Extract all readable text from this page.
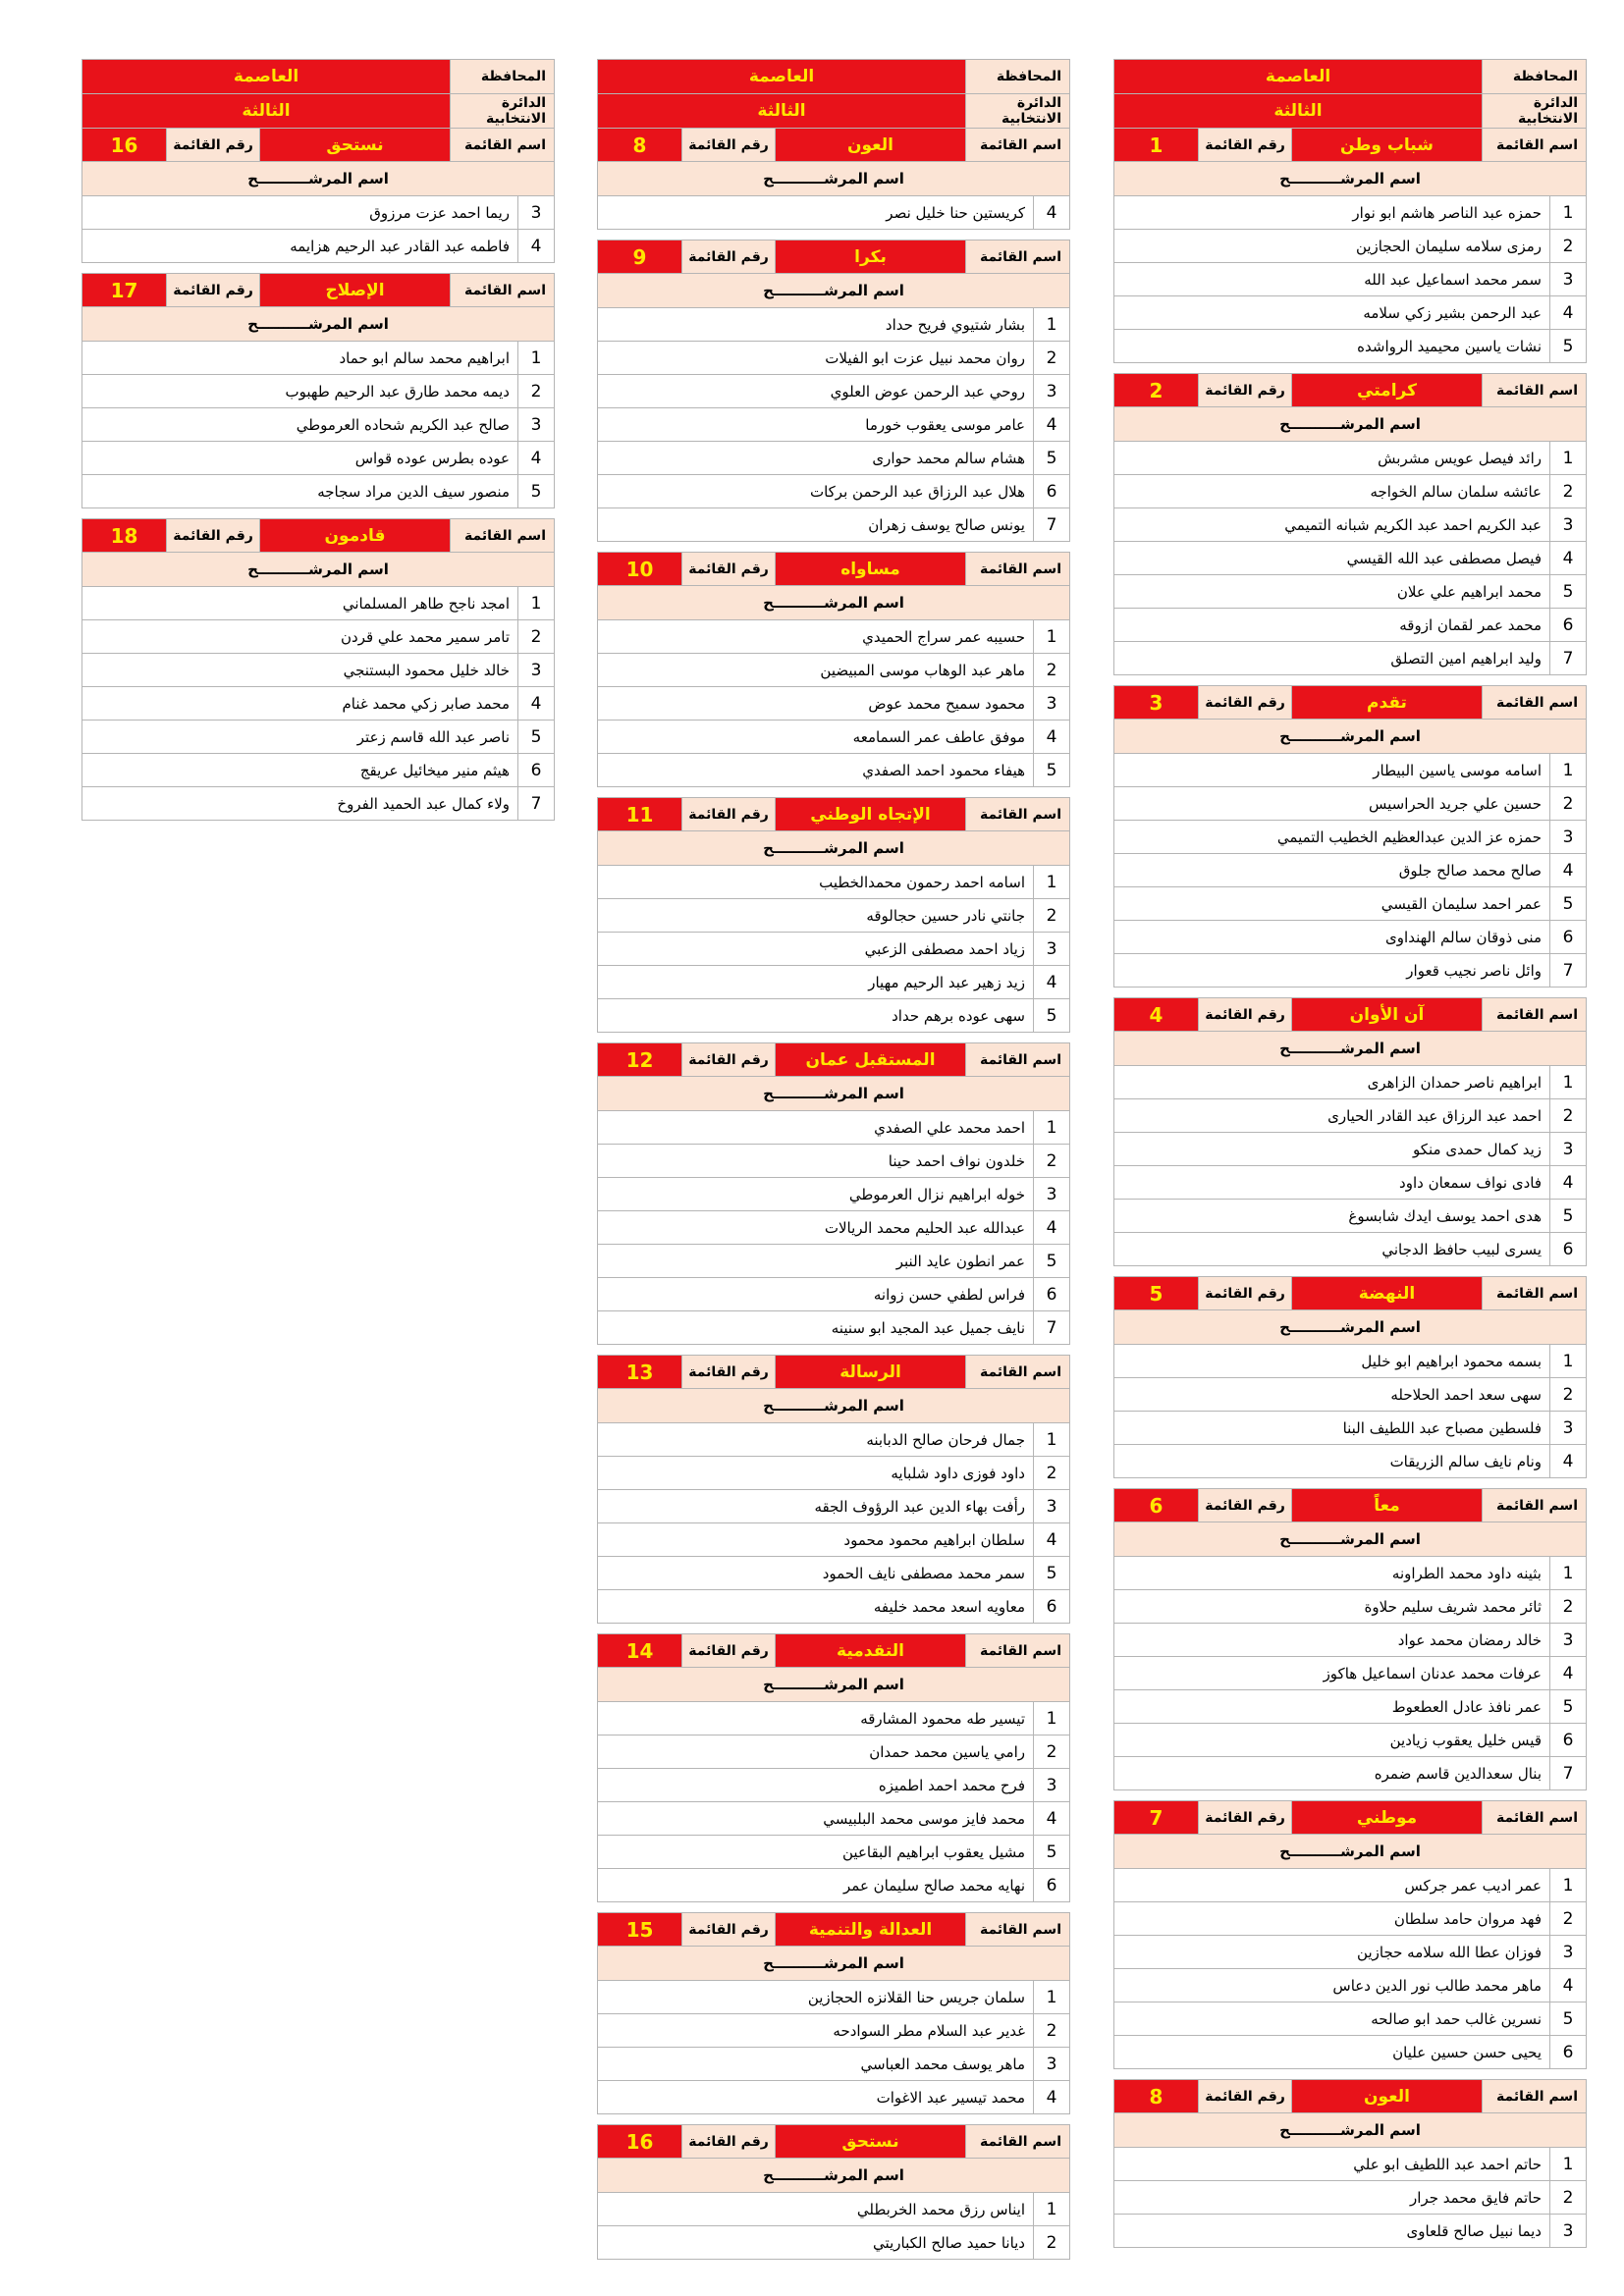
المحافظة
العاصمة
الدائرة الانتخابية
الثالثة
اسم القائمة
شباب وطن
رقم القائمة
1
اسم المرشــــــــــح
1
حمزه عبد الناصر هاشم ابو نوار
2
رمزى سلامه سليمان الحجازين
3
سمر محمد اسماعيل عبد الله
4
عبد الرحمن بشير زكي سلامه
5
نشات ياسين محيميد الرواشده
اسم القائمة
كرامتي
رقم القائمة
2
اسم المرشــــــــــح
1
رائد فيصل عويس مشربش
2
عائشه سلمان سالم الخواجه
3
عبد الكريم احمد عبد الكريم شبانه التميمي
4
فيصل مصطفى عبد الله القيسي
5
محمد ابراهيم علي علان
6
محمد عمر لقمان ازوقه
7
وليد ابراهيم امين التصلق
اسم القائمة
تقدم
رقم القائمة
3
اسم المرشــــــــــح
1
اسامه موسى ياسين البيطار
2
حسين علي جريد الحراسيس
3
حمزه عز الدين عبدالعظيم الخطيب التميمي
4
صالح محمد صالح جلوق
5
عمر احمد سليمان القيسي
6
منى ذوقان سالم الهنداوى
7
وائل ناصر نجيب قعوار
اسم القائمة
آن الأوان
رقم القائمة
4
اسم المرشــــــــــح
1
ابراهيم ناصر حمدان الزاهرى
2
احمد عبد الرزاق عبد القادر الحيارى
3
زيد كمال حمدى منكو
4
فادى نواف سمعان داود
5
هدى احمد يوسف ايدك شابسوغ
6
يسرى لبيب حافظ الدجاني
اسم القائمة
النهضة
رقم القائمة
5
اسم المرشــــــــــح
1
بسمه محمود ابراهيم ابو خليل
2
سهى سعد احمد الحلاحله
3
فلسطين مصباح عبد اللطيف البنا
4
ونام نايف سالم الزريقات
اسم القائمة
معاً
رقم القائمة
6
اسم المرشــــــــــح
1
بثينه داود محمد الطراونه
2
ثائر محمد شريف سليم حلاوة
3
خالد رمضان محمد عواد
4
عرفات محمد عدنان اسماعيل هاكوز
5
عمر نافذ عادل العطعوط
6
قيس خليل يعقوب زيادين
7
بنال سعدالدين قاسم ضمره
اسم القائمة
موطني
رقم القائمة
7
اسم المرشــــــــــح
1
عمر اديب عمر جركس
2
فهد مروان حامد سلطان
3
فوزان عطا الله سلامه حجازين
4
ماهر محمد طالب نور الدين دعاس
5
نسرين غالب حمد ابو صالحه
6
يحيى حسن حسين عليان
اسم القائمة
العون
رقم القائمة
8
اسم المرشــــــــــح
1
حاتم احمد عبد اللطيف ابو علي
2
حاتم فايق محمد جرار
3
ديما نبيل صالح قلعاوى
المحافظة
العاصمة
الدائرة الانتخابية
الثالثة
اسم القائمة
العون
رقم القائمة
8
اسم المرشــــــــــح
4
كريستين حنا خليل نصر
اسم القائمة
بكرا
رقم القائمة
9
اسم المرشــــــــــح
1
بشار شتيوي فريح حداد
2
روان محمد نبيل عزت ابو الفيلات
3
روحي عبد الرحمن عوض العلوي
4
عامر موسى يعقوب خورما
5
هشام سالم محمد حوارى
6
هلال عبد الرزاق عبد الرحمن بركات
7
يونس صالح يوسف زهران
اسم القائمة
مساواه
رقم القائمة
10
اسم المرشــــــــــح
1
حسيبه عمر سراج الحميدي
2
ماهر عبد الوهاب موسى المبيضين
3
محمود سميح محمد عوض
4
موفق عاطف عمر السمامعه
5
هيفاء محمود احمد الصفدي
اسم القائمة
الإتجاه الوطني
رقم القائمة
11
اسم المرشــــــــــح
1
اسامه احمد رحمون محمدالخطيب
2
جانتي نادر حسين حجالوقه
3
زياد احمد مصطفى الزعبي
4
زيد زهير عبد الرحيم مهيار
5
سهى عوده برهم حداد
اسم القائمة
المستقبل عمان
رقم القائمة
12
اسم المرشــــــــــح
1
احمد محمد علي الصفدي
2
خلدون نواف احمد حينا
3
خوله ابراهيم نزال العرموطي
4
عبدالله عبد الحليم محمد الريالات
5
عمر انطون عايد النبر
6
فراس لطفي حسن زوانه
7
نايف جميل عبد المجيد ابو سنينه
اسم القائمة
الرسالة
رقم القائمة
13
اسم المرشــــــــــح
1
جمال فرحان صالح الدبابنه
2
داود فوزى داود شلبايه
3
رأفت بهاء الدين عبد الرؤوف الجقه
4
سلطان ابراهيم محمود محمود
5
سمر محمد مصطفى نايف الحمود
6
معاويه اسعد محمد خليفه
اسم القائمة
التقدمية
رقم القائمة
14
اسم المرشــــــــــح
1
تيسير طه محمود المشارقه
2
رامي ياسين محمد حمدان
3
فرح محمد احمد اطميزه
4
محمد فايز موسى محمد البلبيسي
5
مشيل يعقوب ابراهيم البقاعين
6
نهايه محمد صالح سليمان عمر
اسم القائمة
العدالة والتنمية
رقم القائمة
15
اسم المرشــــــــــح
1
سلمان جريس حنا القلانزه الحجازين
2
غدير عبد السلام مطر السوادحه
3
ماهر يوسف محمد العباسي
4
محمد تيسير عبد الاغوات
اسم القائمة
نستحق
رقم القائمة
16
اسم المرشــــــــــح
1
ايناس رزق محمد الخربطلي
2
ديانا حميد صالح الكباريتي
المحافظة
العاصمة
الدائرة الانتخابية
الثالثة
اسم القائمة
نستحق
رقم القائمة
16
اسم المرشــــــــــح
3
ريما احمد عزت مرزوق
4
فاطمه عبد القادر عبد الرحيم هزايمه
اسم القائمة
الإصلاح
رقم القائمة
17
اسم المرشــــــــــح
1
ابراهيم محمد سالم ابو حماد
2
ديمه محمد طارق عبد الرحيم طهبوب
3
صالح عبد الكريم شحاده العرموطي
4
عوده بطرس عوده قواس
5
منصور سيف الدين مراد سجاجه
اسم القائمة
قادمون
رقم القائمة
18
اسم المرشــــــــــح
1
امجد ناجح طاهر المسلماني
2
تامر سمير محمد علي قردن
3
خالد خليل محمود البستنجي
4
محمد صابر زكي محمد غنام
5
ناصر عبد الله قاسم زعتر
6
هيثم منير ميخائيل عريقج
7
ولاء كمال عبد الحميد الفروخ
